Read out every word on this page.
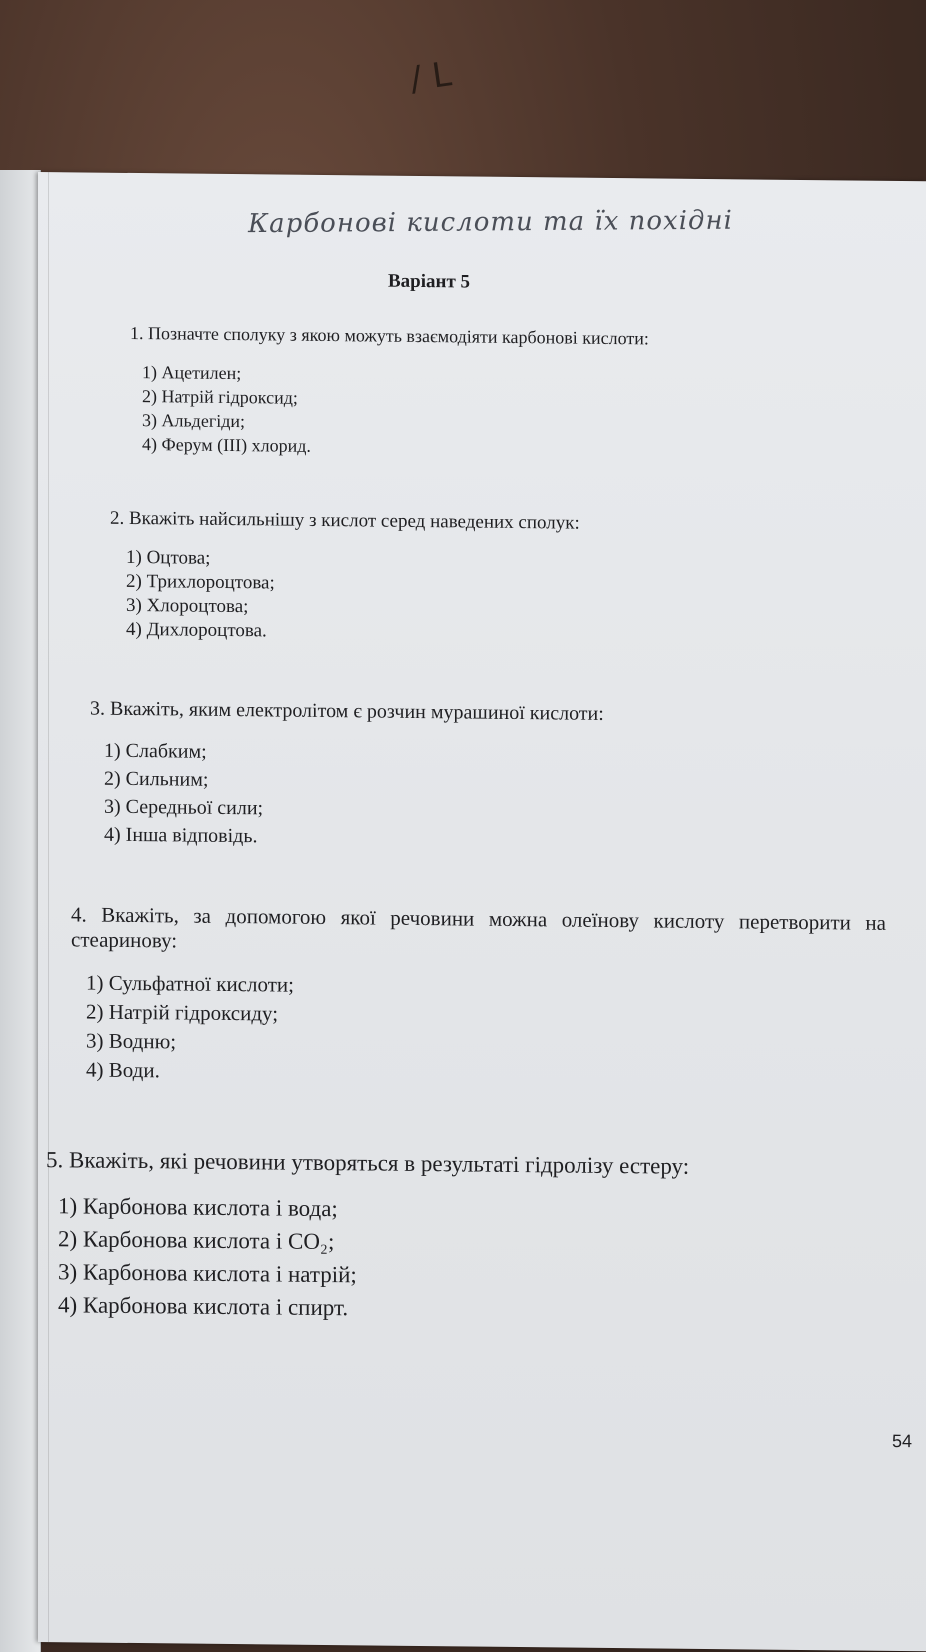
/ L
Карбонові кислоти та їх похідні
Варіант 5
1. Позначте сполуку з якою можуть взаємодіяти карбонові кислоти:
1) Ацетилен;
2) Натрій гідроксид;
3) Альдегіди;
4) Ферум (III) хлорид.
2. Вкажіть найсильнішу з кислот серед наведених сполук:
1) Оцтова;
2) Трихлороцтова;
3) Хлороцтова;
4) Дихлороцтова.
3. Вкажіть, яким електролітом є розчин мурашиної кислоти:
1) Слабким;
2) Сильним;
3) Середньої сили;
4) Інша відповідь.
4. Вкажіть, за допомогою якої речовини можна олеїнову кислоту перетворити на стеаринову:
1) Сульфатної кислоти;
2) Натрій гідроксиду;
3) Водню;
4) Води.
5. Вкажіть, які речовини утворяться в результаті гідролізу естеру:
1) Карбонова кислота і вода;
2) Карбонова кислота і CO₂;
3) Карбонова кислота і натрій;
4) Карбонова кислота і спирт.
54
